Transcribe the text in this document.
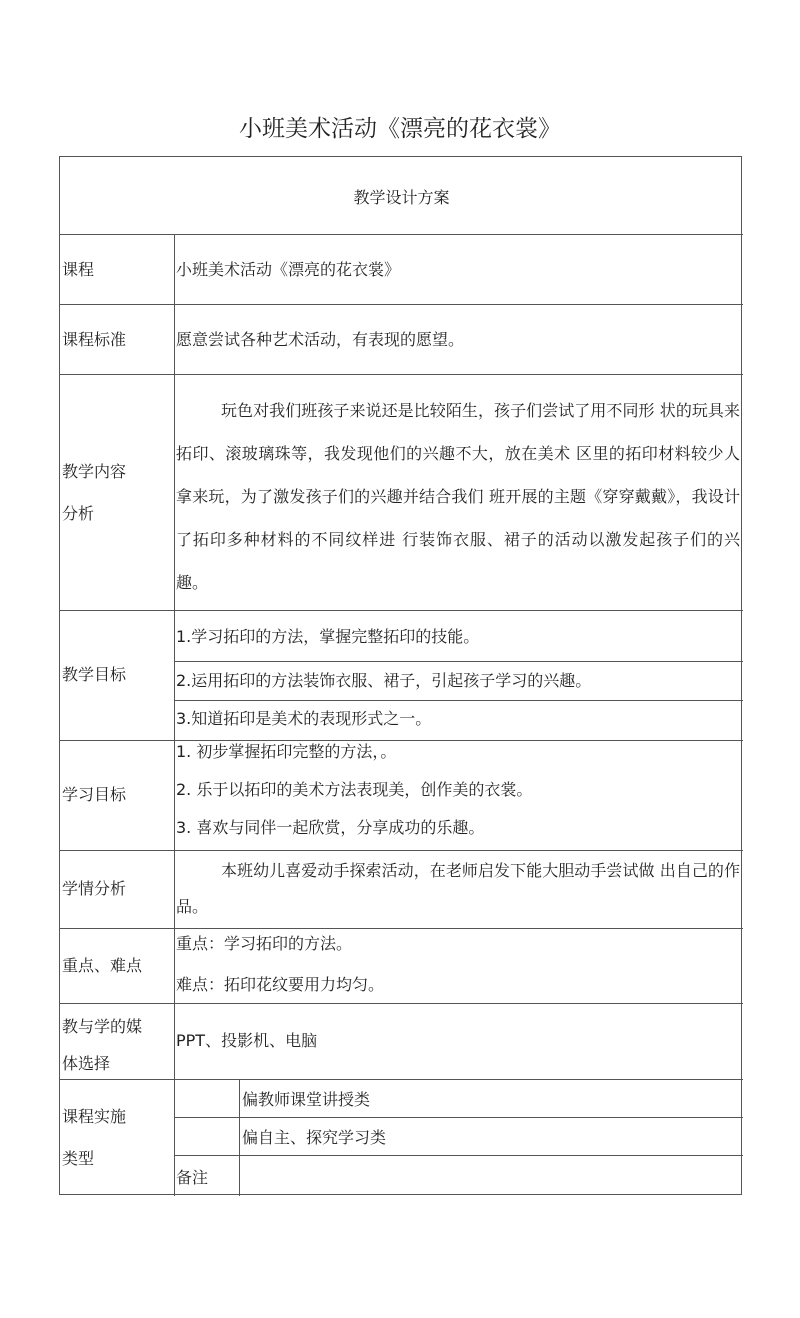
小班美术活动《漂亮的花衣裳》
教学设计方案
课程	小班美术活动《漂亮的花衣裳》
课程标准	愿意尝试各种艺术活动，有表现的愿望。
教学内容
分析
玩色对我们班孩子来说还是比较陌生，孩子们尝试了用不同形 状的玩具来拓印、滚玻璃珠等，我发现他们的兴趣不大，放在美术 区里的拓印材料较少人拿来玩，为了激发孩子们的兴趣并结合我们 班开展的主题《穿穿戴戴》，我设计了拓印多种材料的不同纹样进 行装饰衣服、裙子的活动以激发起孩子们的兴趣。
教学目标
1.学习拓印的方法，掌握完整拓印的技能。
2.运用拓印的方法装饰衣服、裙子，引起孩子学习的兴趣。
3.知道拓印是美术的表现形式之一。
学习目标
1. 初步掌握拓印完整的方法，。
2. 乐于以拓印的美术方法表现美，创作美的衣裳。
3. 喜欢与同伴一起欣赏，分享成功的乐趣。
学情分析
本班幼儿喜爱动手探索活动，在老师启发下能大胆动手尝试做 出自己的作品。
重点、难点
重点：学习拓印的方法。
难点：拓印花纹要用力均匀。
教与学的媒
体选择
PPT、投影机、电脑
课程实施
类型
偏教师课堂讲授类
偏自主、探究学习类
备注
